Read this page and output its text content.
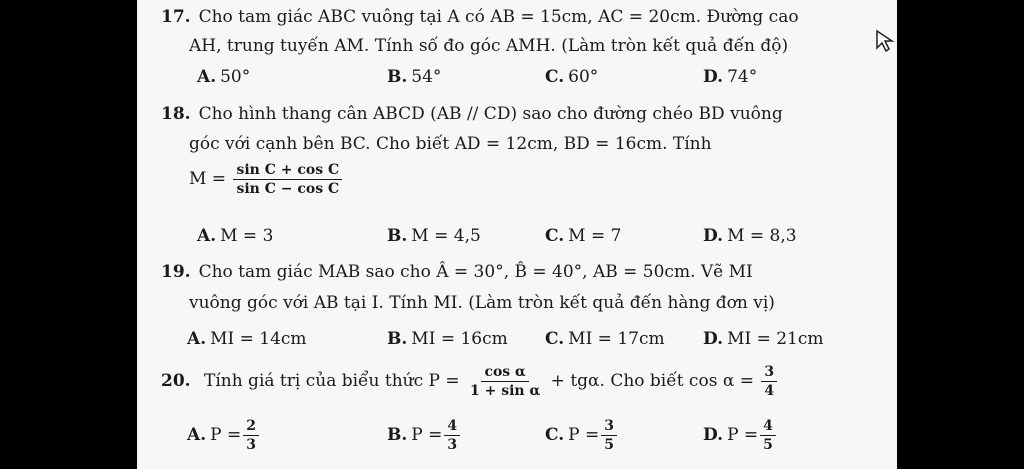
17. Cho tam giác ABC vuông tại A có AB = 15cm, AC = 20cm. Đường cao
AH, trung tuyến AM. Tính số đo góc AMH. (Làm tròn kết quả đến độ)
A. 50°	B. 54°	C. 60°	D. 74°
18. Cho hình thang cân ABCD (AB // CD) sao cho đường chéo BD vuông
góc với cạnh bên BC. Cho biết AD = 12cm, BD = 16cm. Tính
$M = \frac{\text{sin C + cos C}}{\text{sin C − cos C}}$
A. M = 3	B. M = 4,5	C. M = 7	D. M = 8,3
19. Cho tam giác MAB sao cho Â = 30°, B̂ = 40°, AB = 50cm. Vẽ MI
vuông góc với AB tại I. Tính MI. (Làm tròn kết quả đến hàng đơn vị)
A. MI = 14cm	B. MI = 16cm C. MI = 17cm D. MI = 21cm
20. Tính giá trị của biểu thức $P = \frac{\text{cos α}}{\text{1 + sin α}} + tg\alpha$. Cho biết $\cos \alpha = \frac{3}{4}$
A. $P = \frac{2}{3}$	B. $P = \frac{4}{3}$	C. $P = \frac{3}{5}$	D. $P = \frac{4}{5}$
